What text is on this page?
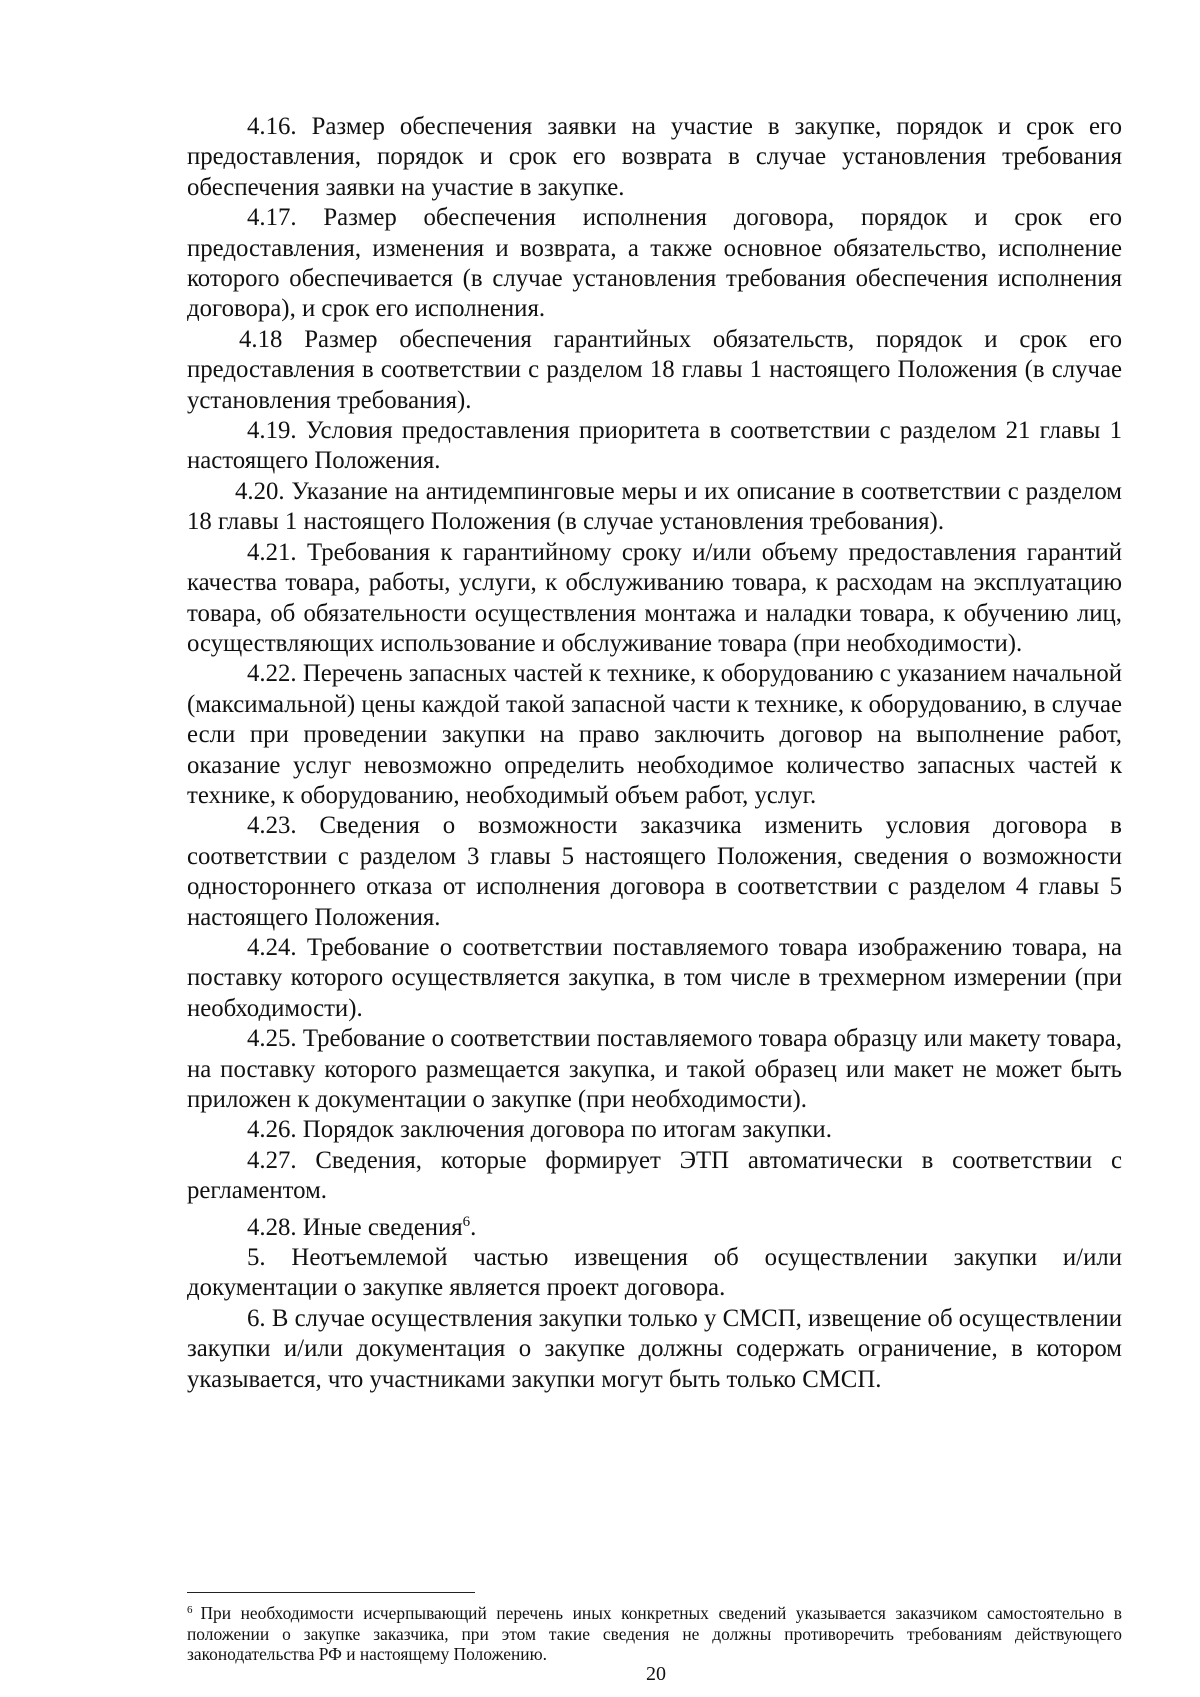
4.16. Размер обеспечения заявки на участие в закупке, порядок и срок его предоставления, порядок и срок его возврата в случае установления требования обеспечения заявки на участие в закупке.

4.17. Размер обеспечения исполнения договора, порядок и срок его предоставления, изменения и возврата, а также основное обязательство, исполнение которого обеспечивается (в случае установления требования обеспечения исполнения договора), и срок его исполнения.

4.18 Размер обеспечения гарантийных обязательств, порядок и срок его предоставления в соответствии с разделом 18 главы 1 настоящего Положения (в случае установления требования).

4.19. Условия предоставления приоритета в соответствии с разделом 21 главы 1 настоящего Положения.

4.20. Указание на антидемпинговые меры и их описание в соответствии с разделом 18 главы 1 настоящего Положения (в случае установления требования).

4.21. Требования к гарантийному сроку и/или объему предоставления гарантий качества товара, работы, услуги, к обслуживанию товара, к расходам на эксплуатацию товара, об обязательности осуществления монтажа и наладки товара, к обучению лиц, осуществляющих использование и обслуживание товара (при необходимости).

4.22. Перечень запасных частей к технике, к оборудованию с указанием начальной (максимальной) цены каждой такой запасной части к технике, к оборудованию, в случае если при проведении закупки на право заключить договор на выполнение работ, оказание услуг невозможно определить необходимое количество запасных частей к технике, к оборудованию, необходимый объем работ, услуг.

4.23. Сведения о возможности заказчика изменить условия договора в соответствии с разделом 3 главы 5 настоящего Положения, сведения о возможности одностороннего отказа от исполнения договора в соответствии с разделом 4 главы 5 настоящего Положения.

4.24. Требование о соответствии поставляемого товара изображению товара, на поставку которого осуществляется закупка, в том числе в трехмерном измерении (при необходимости).

4.25. Требование о соответствии поставляемого товара образцу или макету товара, на поставку которого размещается закупка, и такой образец или макет не может быть приложен к документации о закупке (при необходимости).

4.26. Порядок заключения договора по итогам закупки.

4.27. Сведения, которые формирует ЭТП автоматически в соответствии с регламентом.

4.28. Иные сведения$^6$.

5. Неотъемлемой частью извещения об осуществлении закупки и/или документации о закупке является проект договора.

6. В случае осуществления закупки только у СМСП, извещение об осуществлении закупки и/или документация о закупке должны содержать ограничение, в котором указывается, что участниками закупки могут быть только СМСП.

$^6$ При необходимости исчерпывающий перечень иных конкретных сведений указывается заказчиком самостоятельно в положении о закупке заказчика, при этом такие сведения не должны противоречить требованиям действующего законодательства РФ и настоящему Положению.

20
